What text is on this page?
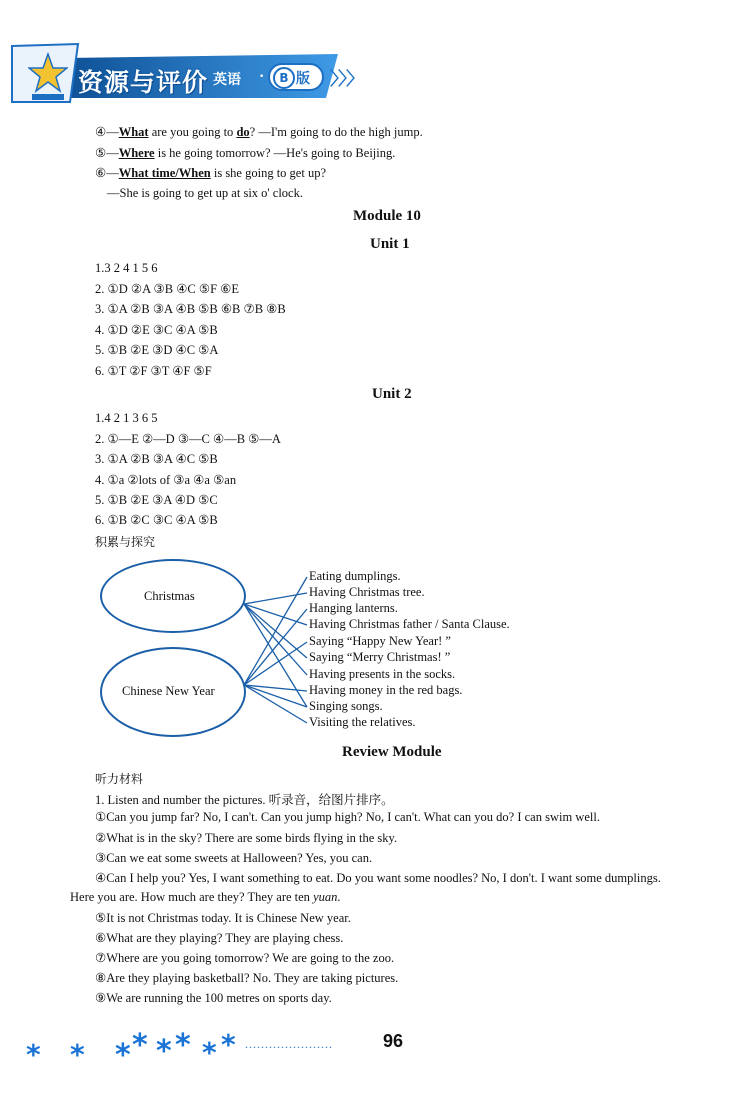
资源与评价 英语 ·	B 版 〉〉〉
④—What are you going to do? —I'm going to do the high jump.
⑤—Where is he going tomorrow? —He's going to Beijing.
⑥—What time/When is she going to get up?
—She is going to get up at six o' clock.
Module 10
Unit 1
1.3 2 4 1 5 6
2. ①D ②A ③B ④C ⑤F ⑥E
3. ①A ②B ③A ④B ⑤B ⑥B ⑦B ⑧B
4. ①D ②E ③C ④A ⑤B
5. ①B ②E ③D ④C ⑤A
6. ①T ②F ③T ④F ⑤F
Unit 2
1.4 2 1 3 6 5
2. ①—E ②—D ③—C ④—B ⑤—A
3. ①A ②B ③A ④C ⑤B
4. ①a ②lots of ③a ④a ⑤an
5. ①B ②E ③A ④D ⑤C
6. ①B ②C ③C ④A ⑤B
积累与探究
Christmas
Chinese New Year
Eating dumplings.
Having Christmas tree.
Hanging lanterns.
Having Christmas father / Santa Clause.
Saying “Happy New Year! ”
Saying “Merry Christmas! ”
Having presents in the socks.
Having money in the red bags.
Singing songs.
Visiting the relatives.
Review Module
听力材料
1. Listen and number the pictures. 听录音，给图片排序。
①Can you jump far? No, I can't. Can you jump high? No, I can't. What can you do? I can swim well.
②What is in the sky? There are some birds flying in the sky.
③Can we eat some sweets at Halloween? Yes, you can.
④Can I help you? Yes, I want something to eat. Do you want some noodles? No, I don't. I want some dumplings.
Here you are. How much are they? They are ten yuan.
⑤It is not Christmas today. It is Chinese New year.
⑥What are they playing? They are playing chess.
⑦Where are you going tomorrow? We are going to the zoo.
⑧Are they playing basketball? No. They are taking pictures.
⑨We are running the 100 metres on sports day.
* * * * * * * * ......................	96
